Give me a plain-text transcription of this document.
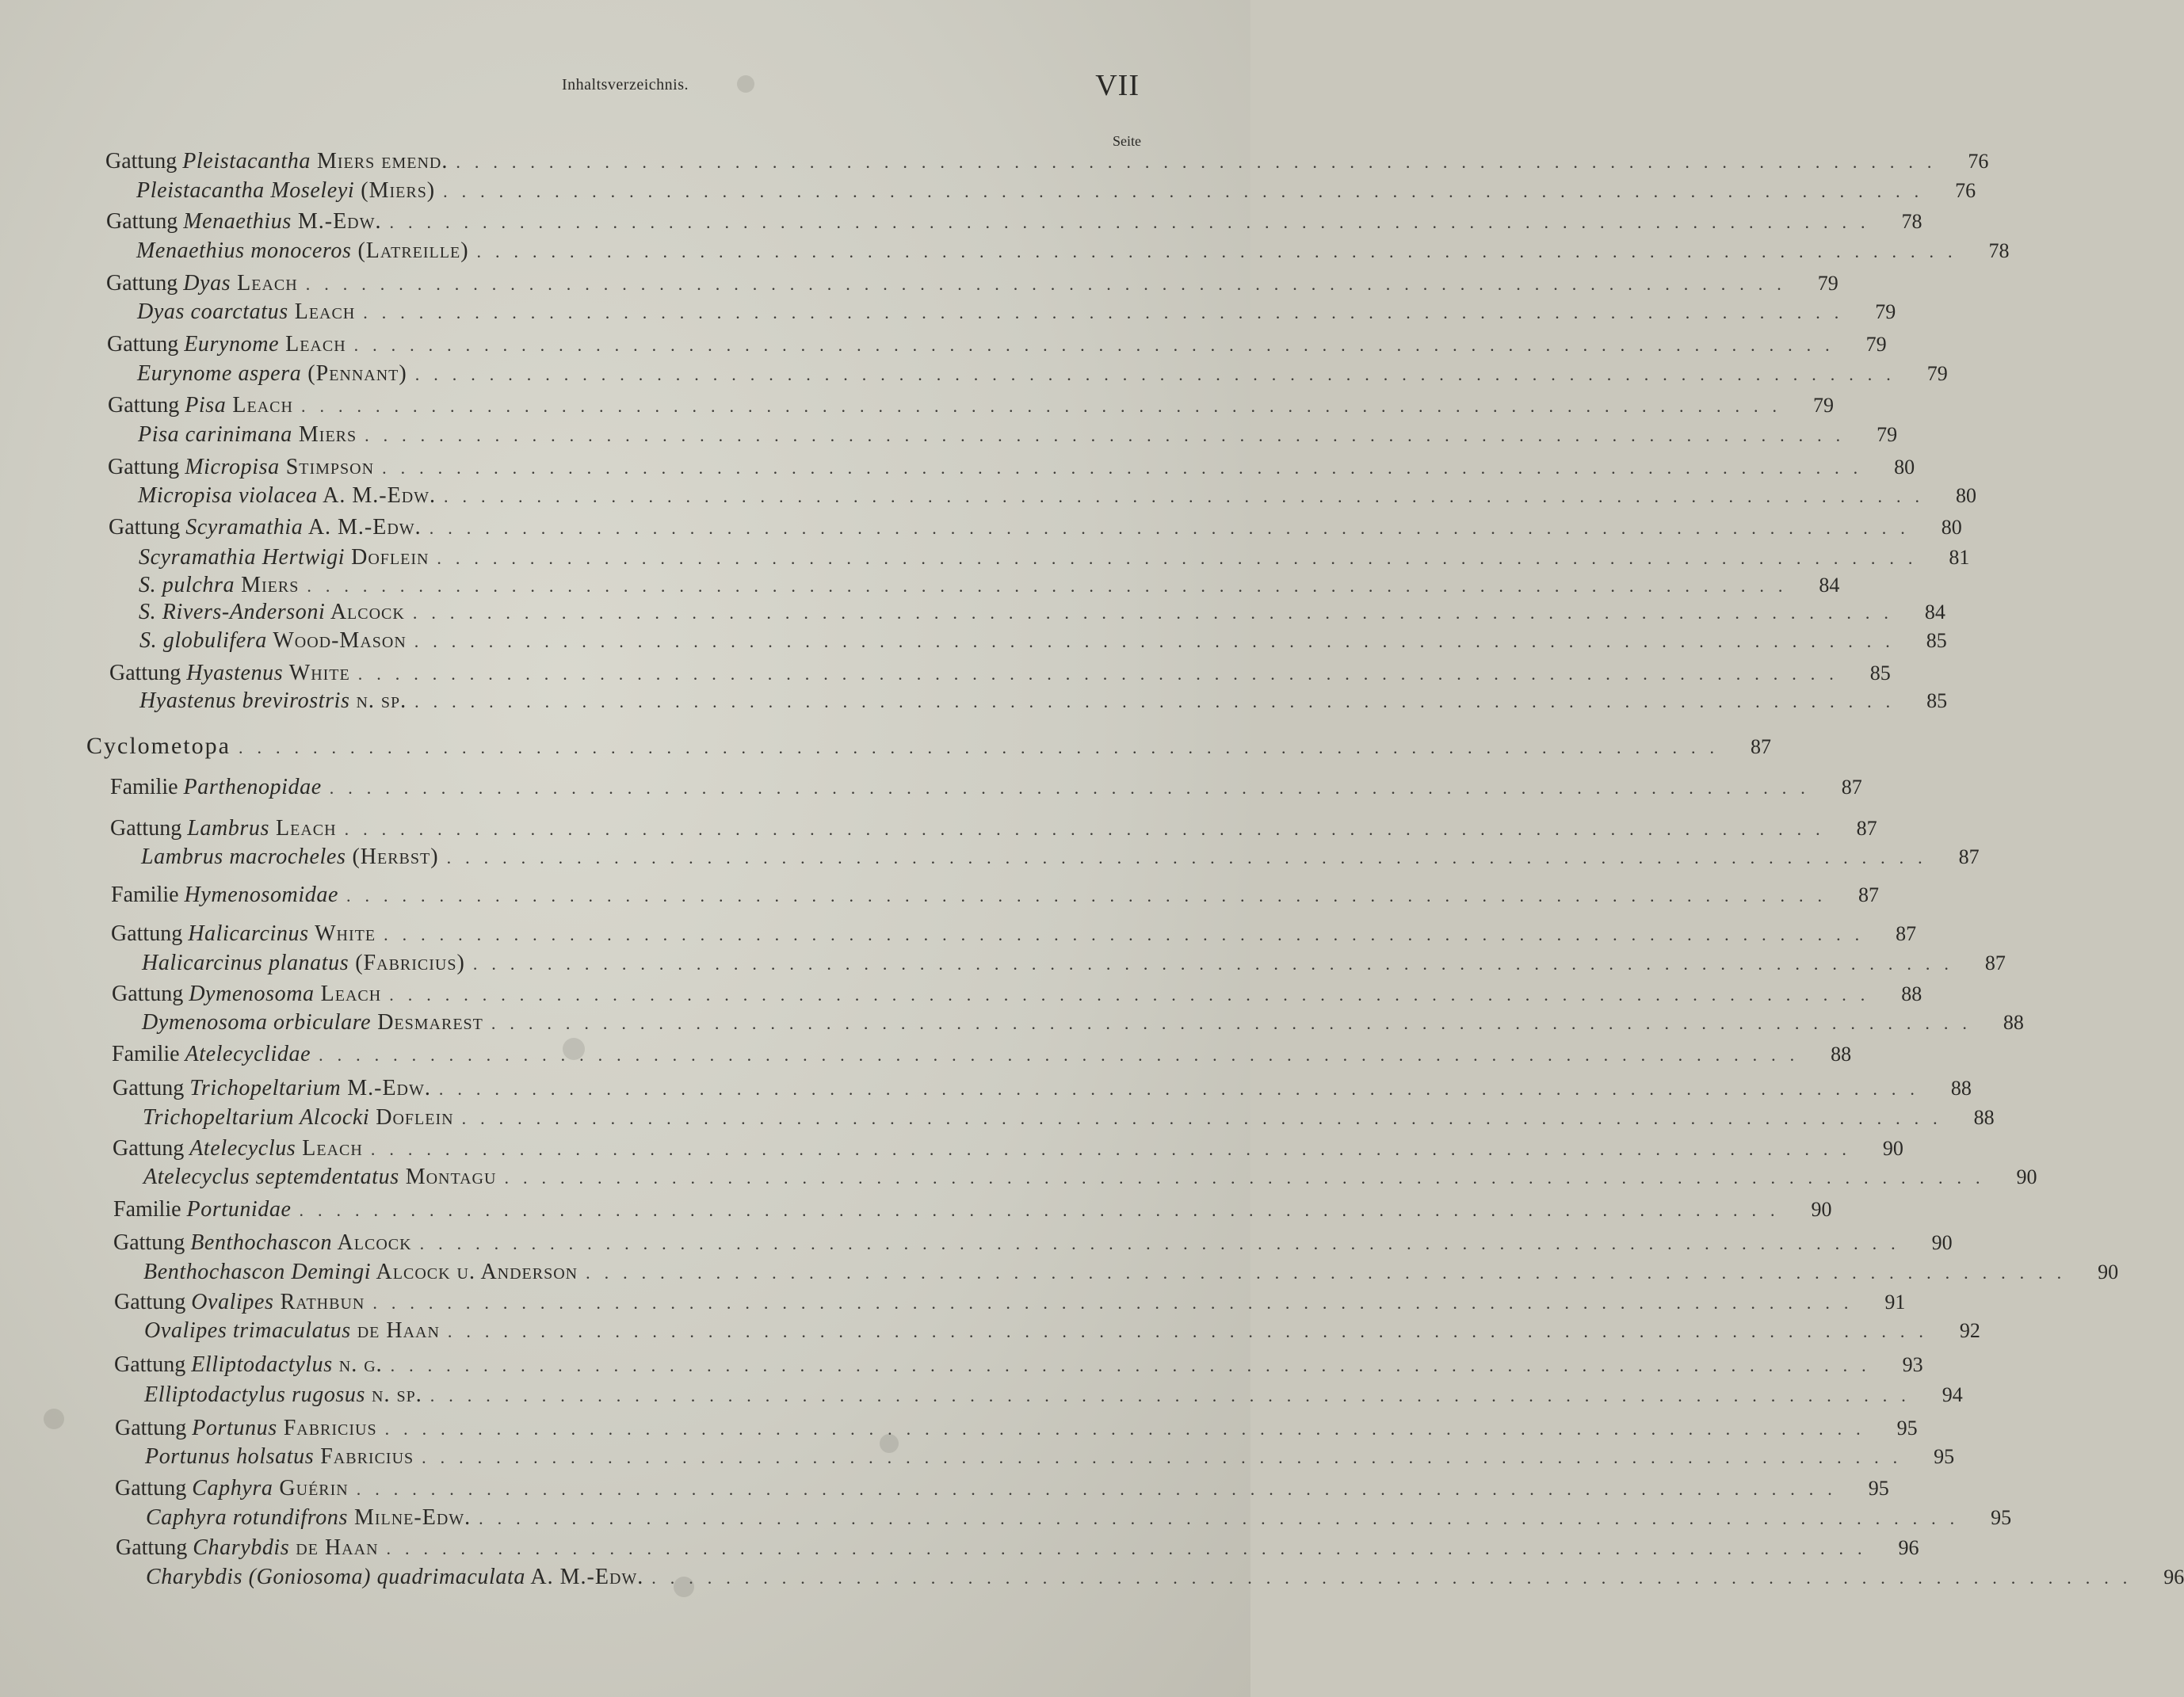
Inhaltsverzeichnis.	VII
Seite
Gattung Pleistacantha Miers emend. ................................................................................	76
Pleistacantha Moseleyi (Miers) ................................................................................	76
Gattung Menaethius M.-Edw. ................................................................................	78
Menaethius monoceros (Latreille) ................................................................................	78
Gattung Dyas Leach ................................................................................	79
Dyas coarctatus Leach ................................................................................	79
Gattung Eurynome Leach ................................................................................	79
Eurynome aspera (Pennant) ................................................................................	79
Gattung Pisa Leach ................................................................................	79
Pisa carinimana Miers ................................................................................	79
Gattung Micropisa Stimpson ................................................................................	80
Micropisa violacea A. M.-Edw. ................................................................................	80
Gattung Scyramathia A. M.-Edw. ................................................................................	80
Scyramathia Hertwigi Doflein ................................................................................	81
S. pulchra Miers ................................................................................	84
S. Rivers-Andersoni Alcock ................................................................................	84
S. globulifera Wood-Mason ................................................................................	85
Gattung Hyastenus White ................................................................................	85
Hyastenus brevirostris n. sp. ................................................................................	85
Cyclometopa ................................................................................	87
Familie Parthenopidae ................................................................................	87
Gattung Lambrus Leach ................................................................................	87
Lambrus macrocheles (Herbst) ................................................................................	87
Familie Hymenosomidae ................................................................................	87
Gattung Halicarcinus White ................................................................................	87
Halicarcinus planatus (Fabricius) ................................................................................	87
Gattung Dymenosoma Leach ................................................................................	88
Dymenosoma orbiculare Desmarest ................................................................................	88
Familie Atelecyclidae ................................................................................	88
Gattung Trichopeltarium M.-Edw. ................................................................................	88
Trichopeltarium Alcocki Doflein ................................................................................	88
Gattung Atelecyclus Leach ................................................................................	90
Atelecyclus septemdentatus Montagu ................................................................................	90
Familie Portunidae ................................................................................	90
Gattung Benthochascon Alcock ................................................................................	90
Benthochascon Demingi Alcock u. Anderson ................................................................................	90
Gattung Ovalipes Rathbun ................................................................................	91
Ovalipes trimaculatus de Haan ................................................................................	92
Gattung Elliptodactylus n. g. ................................................................................	93
Elliptodactylus rugosus n. sp. ................................................................................	94
Gattung Portunus Fabricius ................................................................................	95
Portunus holsatus Fabricius ................................................................................	95
Gattung Caphyra Guérin ................................................................................	95
Caphyra rotundifrons Milne-Edw. ................................................................................	95
Gattung Charybdis de Haan ................................................................................	96
Charybdis (Goniosoma) quadrimaculata A. M.-Edw. ................................................................................	96
